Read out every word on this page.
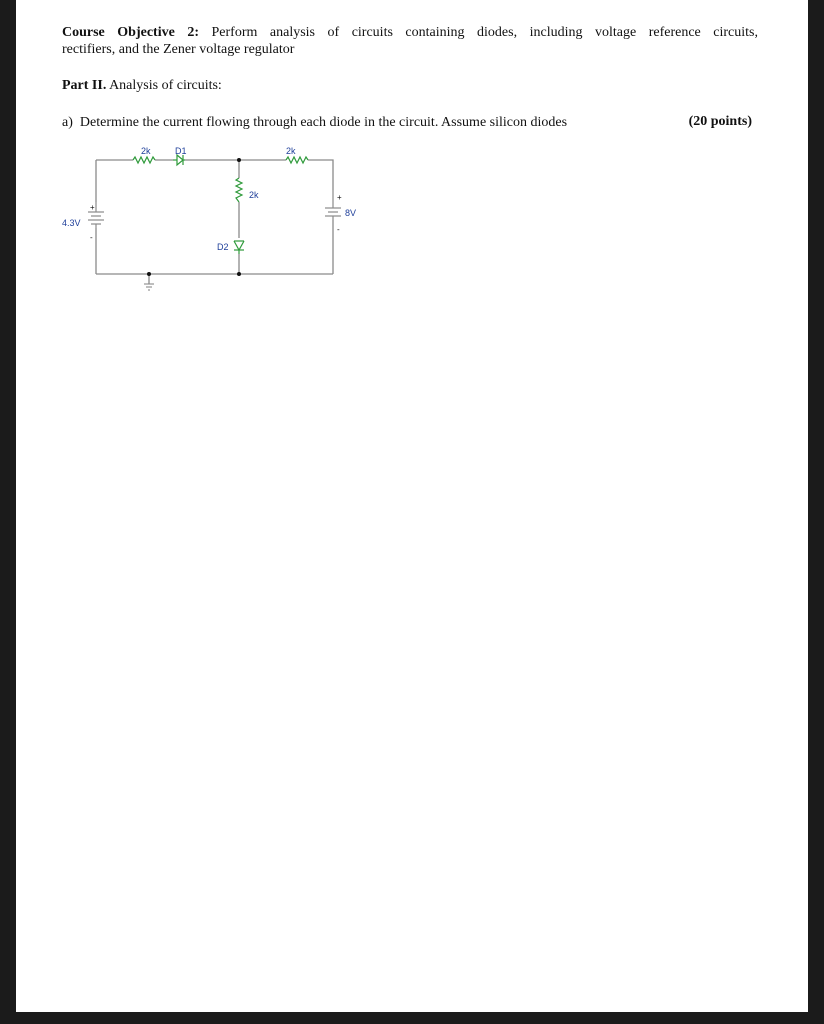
Course Objective 2: Perform analysis of circuits containing diodes, including voltage reference circuits,
rectifiers, and the Zener voltage regulator
Part II. Analysis of circuits:
a) Determine the current flowing through each diode in the circuit. Assume silicon diodes	(20 points)
2k	D1	2k
2k
D2
+
-
4.3V
+
-
8V
